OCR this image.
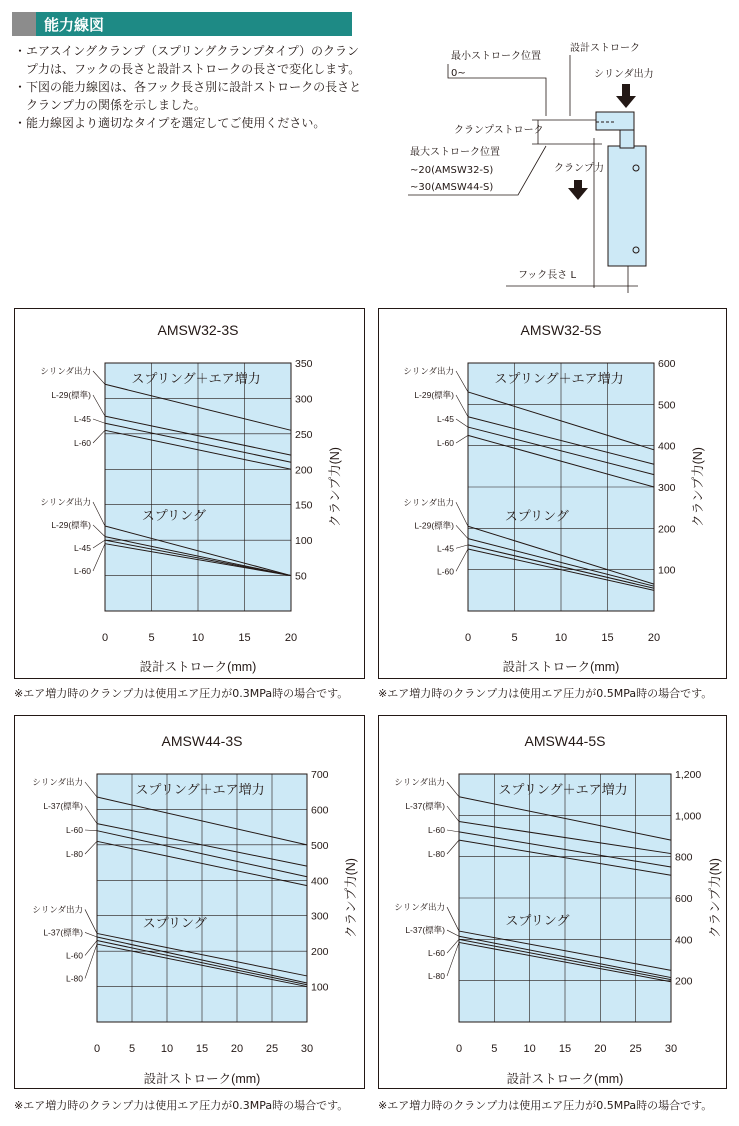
能力線図
・エアスイングクランプ（スプリングクランプタイプ）のクランプ力は、フックの長さと設計ストロークの長さで変化します。
・下図の能力線図は、各フック長さ別に設計ストロークの長さとクランプ力の関係を示しました。
・能力線図より適切なタイプを選定してご使用ください。
最小ストローク位置
0~
設計ストローク
シリンダ出力
クランプストローク
最大ストローク位置
~20(AMSW32-S)
~30(AMSW44-S)
クランプ力
フック長さ L
AMSW32-3S
0	5	10	15	20
50
100
150
200
250
300
350
設計ストローク(mm)
クランプ力(N)
スプリング＋エア増力
スプリング
シリンダ出力
L-29(標準)
L-45
L-60
シリンダ出力
L-29(標準)
L-45
L-60
AMSW32-5S
0	5	10	15	20
100
200
300
400
500
600
設計ストローク(mm)
クランプ力(N)
スプリング＋エア増力
スプリング
シリンダ出力
L-29(標準)
L-45
L-60
シリンダ出力
L-29(標準)
L-45
L-60
AMSW44-3S
0	5 10 15 20 25 30
100
200
300
400
500
600
700
設計ストローク(mm)
クランプ力(N)
スプリング＋エア増力
スプリング
シリンダ出力
L-37(標準)
L-60
L-80
シリンダ出力
L-37(標準)
L-60
L-80
AMSW44-5S
0	5 10 15 20 25 30
200
400
600
800
1,000
1,200
設計ストローク(mm)
クランプ力(N)
スプリング＋エア増力
スプリング
シリンダ出力
L-37(標準)
L-60
L-80
シリンダ出力
L-37(標準)
L-60
L-80
※エア増力時のクランプ力は使用エア圧力が0.3MPa時の場合です。	※エア増力時のクランプ力は使用エア圧力が0.5MPa時の場合です。
※エア増力時のクランプ力は使用エア圧力が0.3MPa時の場合です。	※エア増力時のクランプ力は使用エア圧力が0.5MPa時の場合です。
